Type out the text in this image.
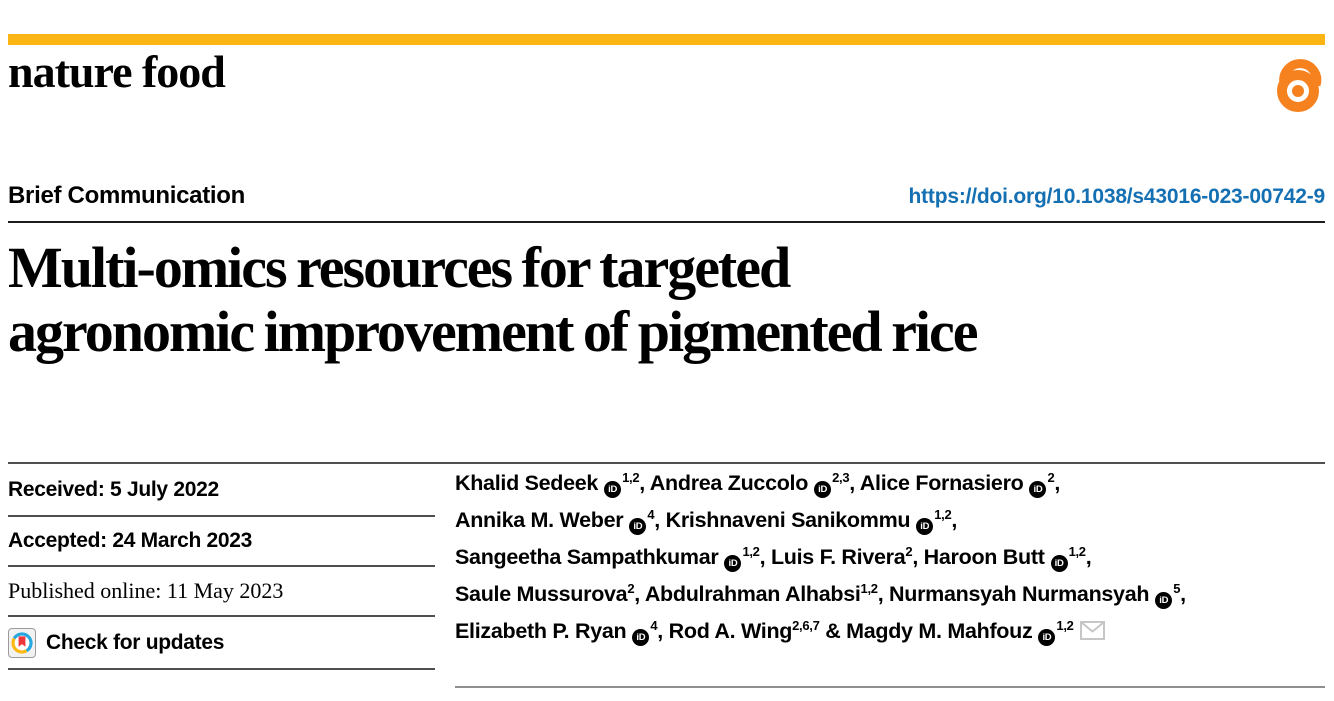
nature food
Brief Communication	https://doi.org/10.1038/s43016-023-00742-9
Multi-omics resources for targeted
agronomic improvement of pigmented rice
Received: 5 July 2022
Accepted: 24 March 2023
Published online: 11 May 2023
Check for updates
Khalid Sedeek iD$^{1,2}$, Andrea Zuccolo iD$^{2,3}$, Alice Fornasiero $iD^2$,
Annika M. Weber $iD^4$, Krishnaveni Sanikommu iD$^{1,2}$,
Sangeetha Sampathkumar iD$^{1,2}$, Luis F. Rivera$^2$, Haroon Butt iD$^{1,2}$,
Saule Mussurova$^2$, Abdulrahman Alhabsi$^{1,2}$, Nurmansyah Nurmansyah $iD^5$,
Elizabeth P. Ryan $iD^4$, Rod A. Wing$^{2,6,7}$ & Magdy M. Mahfouz iD$^{1,2}$
